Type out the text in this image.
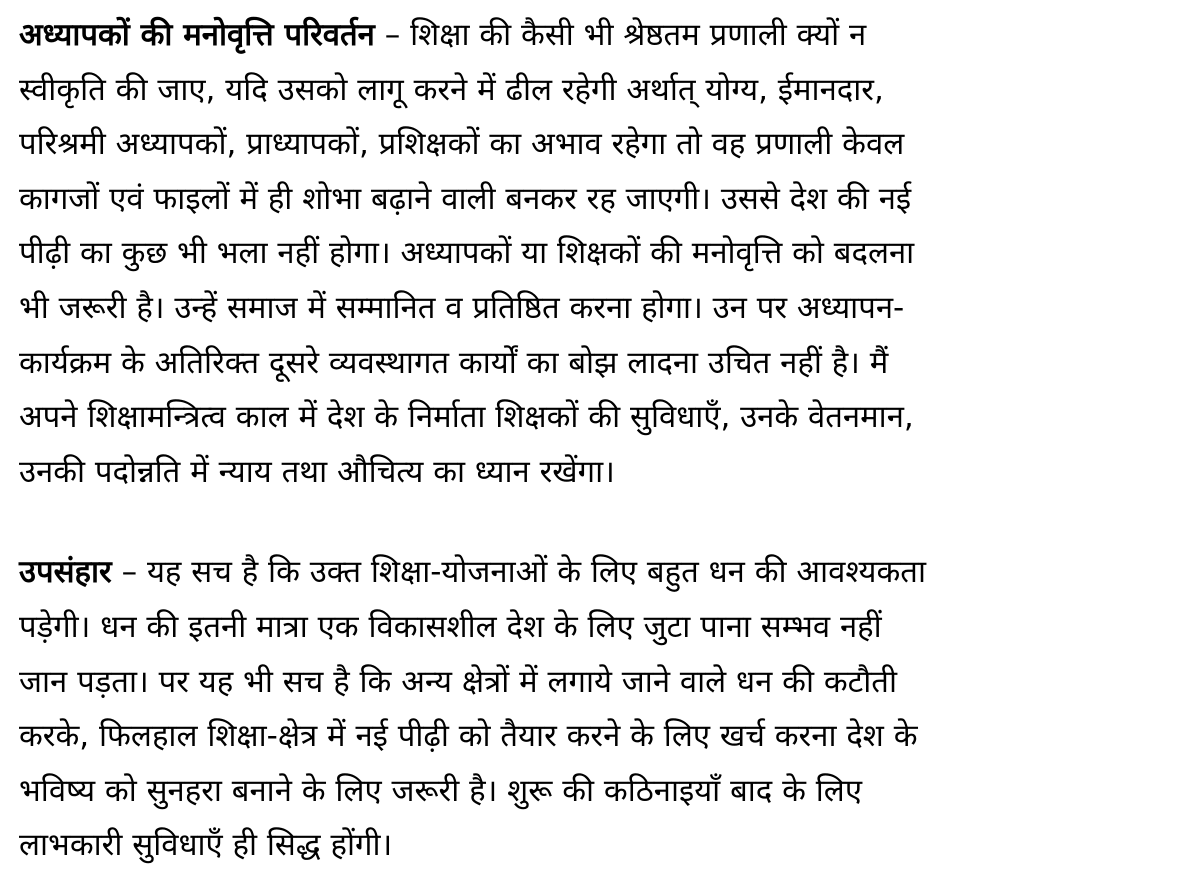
अध्यापकों की मनोवृत्ति परिवर्तन – शिक्षा की कैसी भी श्रेष्ठतम प्रणाली क्यों न
स्वीकृति की जाए, यदि उसको लागू करने में ढील रहेगी अर्थात् योग्य, ईमानदार,
परिश्रमी अध्यापकों, प्राध्यापकों, प्रशिक्षकों का अभाव रहेगा तो वह प्रणाली केवल
कागजों एवं फाइलों में ही शोभा बढ़ाने वाली बनकर रह जाएगी। उससे देश की नई
पीढ़ी का कुछ भी भला नहीं होगा। अध्यापकों या शिक्षकों की मनोवृत्ति को बदलना
भी जरूरी है। उन्हें समाज में सम्मानित व प्रतिष्ठित करना होगा। उन पर अध्यापन-
कार्यक्रम के अतिरिक्त दूसरे व्यवस्थागत कार्यों का बोझ लादना उचित नहीं है। मैं
अपने शिक्षामन्त्रित्व काल में देश के निर्माता शिक्षकों की सुविधाएँ, उनके वेतनमान,
उनकी पदोन्नति में न्याय तथा औचित्य का ध्यान रखेंगा।

उपसंहार – यह सच है कि उक्त शिक्षा-योजनाओं के लिए बहुत धन की आवश्यकता
पड़ेगी। धन की इतनी मात्रा एक विकासशील देश के लिए जुटा पाना सम्भव नहीं
जान पड़ता। पर यह भी सच है कि अन्य क्षेत्रों में लगाये जाने वाले धन की कटौती
करके, फिलहाल शिक्षा-क्षेत्र में नई पीढ़ी को तैयार करने के लिए खर्च करना देश के
भविष्य को सुनहरा बनाने के लिए जरूरी है। शुरू की कठिनाइयाँ बाद के लिए
लाभकारी सुविधाएँ ही सिद्ध होंगी।
